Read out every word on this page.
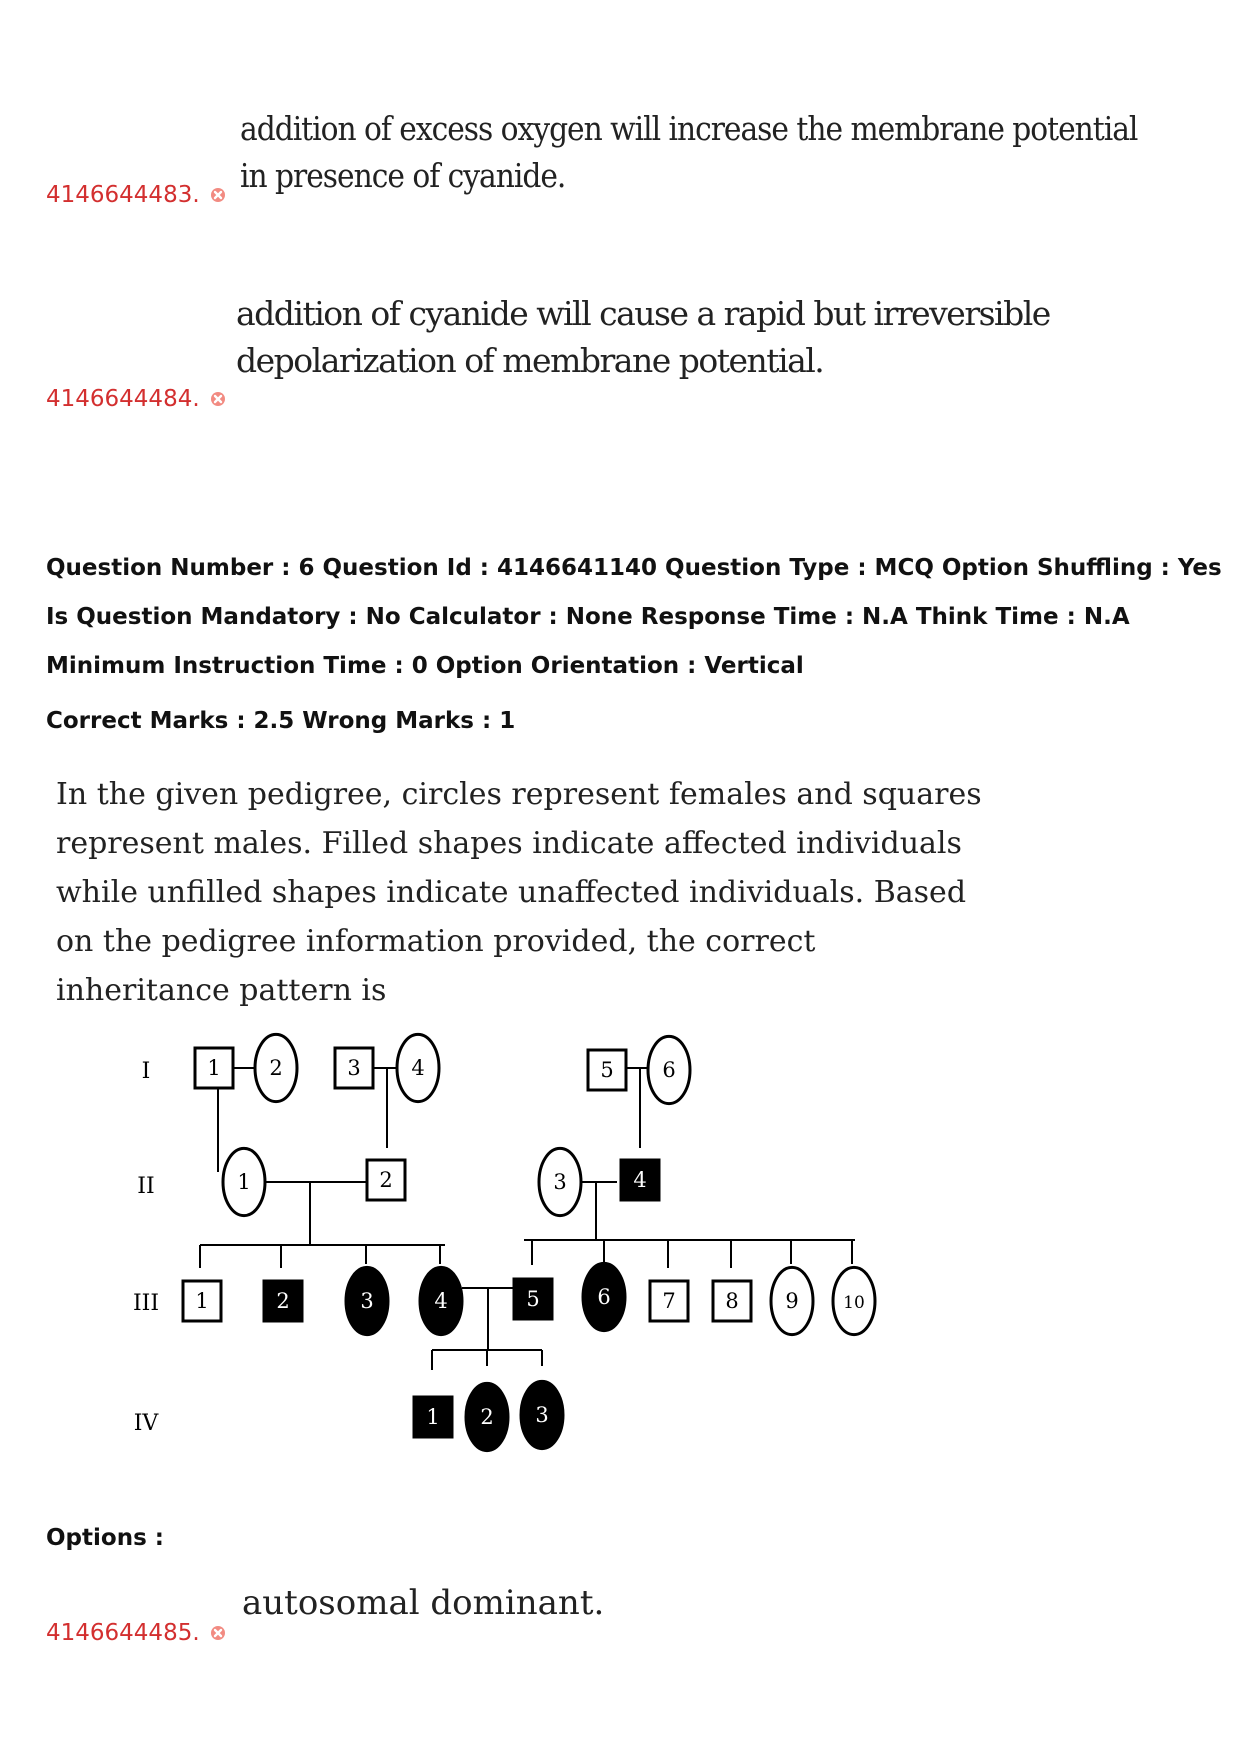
addition of excess oxygen will increase the membrane potential in presence of cyanide.
4146644483.
addition of cyanide will cause a rapid but irreversible depolarization of membrane potential.
4146644484.
Question Number : 6 Question Id : 4146641140 Question Type : MCQ Option Shuffling : Yes Is Question Mandatory : No Calculator : None Response Time : N.A Think Time : N.A Minimum Instruction Time : 0 Option Orientation : Vertical
Correct Marks : 2.5 Wrong Marks : 1
In the given pedigree, circles represent females and squares represent males. Filled shapes indicate affected individuals while unfilled shapes indicate unaffected individuals. Based on the pedigree information provided, the correct inheritance pattern is
1 2	3 4	5 6
1	2	3	4
1	2	3	4	5	6 7 8 9	10
1 2 3
I
II
III
IV
Options :
autosomal dominant.
4146644485.
